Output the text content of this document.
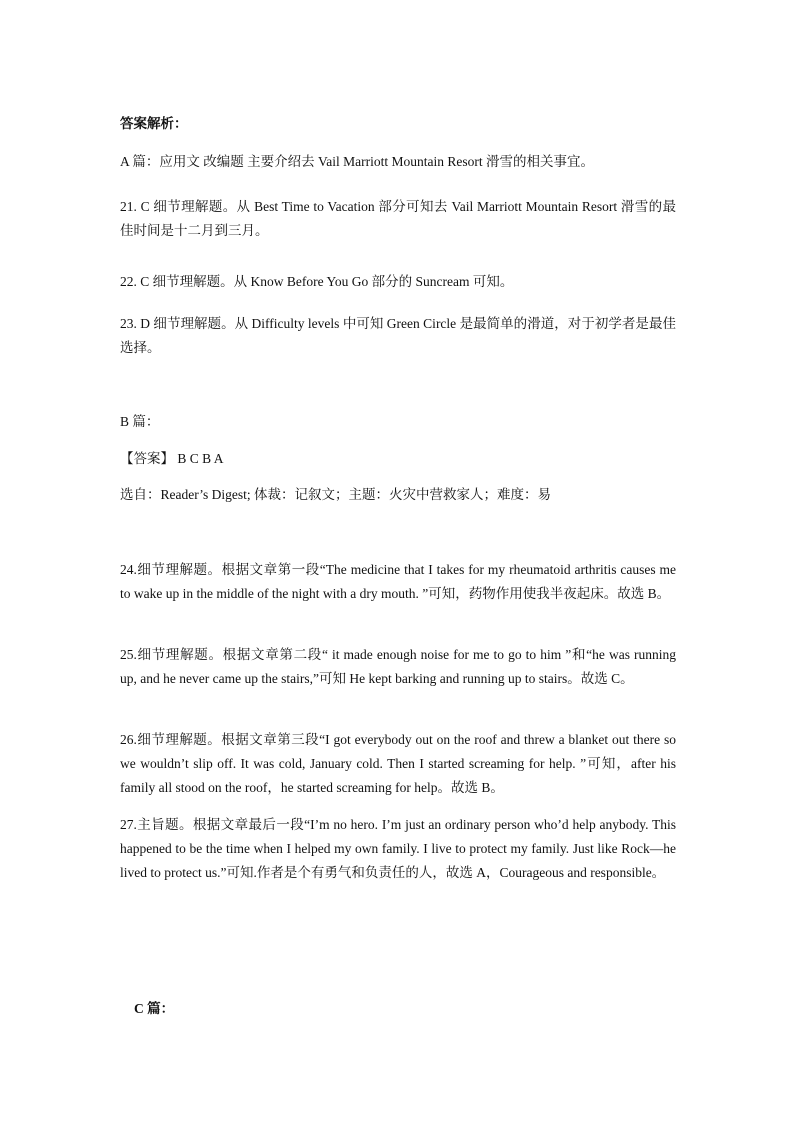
答案解析：
A 篇：应用文 改编题 主要介绍去 Vail Marriott Mountain Resort 滑雪的相关事宜。
21. C 细节理解题。从 Best Time to Vacation 部分可知去 Vail Marriott Mountain Resort 滑雪的最佳时间是十二月到三月。
22. C 细节理解题。从 Know Before You Go 部分的 Suncream 可知。
23. D 细节理解题。从 Difficulty levels 中可知 Green Circle 是最简单的滑道，对于初学者是最佳选择。
B 篇：
【答案】 B C B A
选自：Reader’s Digest; 体裁：记叙文；主题：火灾中营救家人；难度：易
24.细节理解题。根据文章第一段“The medicine that I takes for my rheumatoid arthritis causes me to wake up in the middle of the night with a dry mouth. ”可知，药物作用使我半夜起床。故选 B。
25.细节理解题。根据文章第二段“ it made enough noise for me to go to him ”和“he was running up, and he never came up the stairs,”可知 He kept barking and running up to stairs。故选 C。
26.细节理解题。根据文章第三段“I got everybody out on the roof and threw a blanket out there so we wouldn’t slip off. It was cold, January cold. Then I started screaming for help. ”可知，after his family all stood on the roof，he started screaming for help。故选 B。
27.主旨题。根据文章最后一段“I’m no hero. I’m just an ordinary person who’d help anybody. This happened to be the time when I helped my own family. I live to protect my family. Just like Rock—he lived to protect us.”可知.作者是个有勇气和负责任的人，故选 A，Courageous and responsible。
C 篇：
